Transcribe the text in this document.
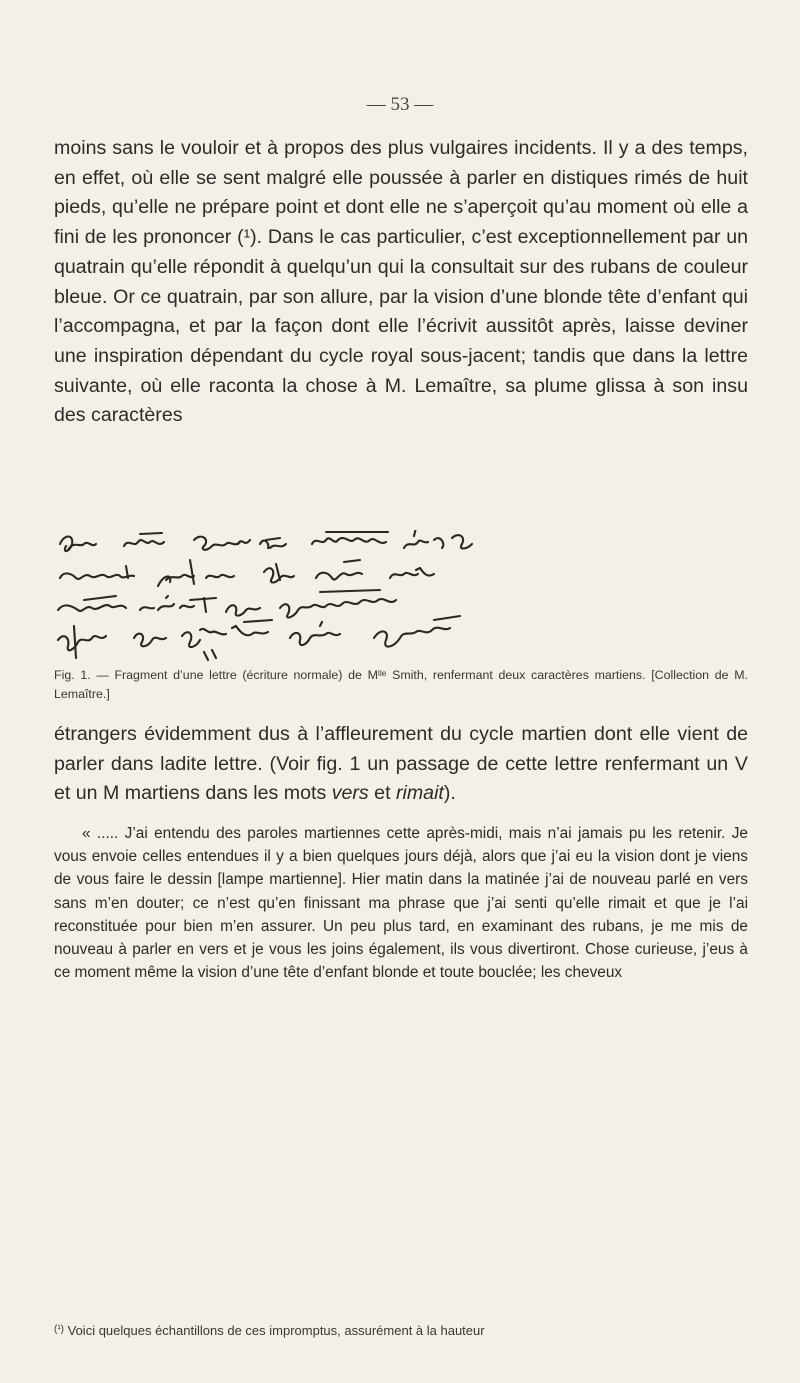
— 53 —

moins sans le vouloir et à propos des plus vulgaires incidents. Il y a des temps, en effet, où elle se sent malgré elle poussée à parler en distiques rimés de huit pieds, qu’elle ne prépare point et dont elle ne s’aperçoit qu’au moment où elle a fini de les prononcer (¹). Dans le cas particulier, c’est exceptionnellement par un quatrain qu’elle répondit à quelqu’un qui la consultait sur des rubans de couleur bleue. Or ce quatrain, par son allure, par la vision d’une blonde tête d’enfant qui l’accompagna, et par la façon dont elle l’écrivit aussitôt après, laisse deviner une inspiration dépendant du cycle royal sous-jacent; tandis que dans la lettre suivante, où elle raconta la chose à M. Lemaître, sa plume glissa à son insu des caractères

Fig. 1. — Fragment d’une lettre (écriture normale) de Mˡˡᵉ Smith, renfermant deux caractères martiens. [Collection de M. Lemaître.]

étrangers évidemment dus à l’affleurement du cycle martien dont elle vient de parler dans ladite lettre. (Voir fig. 1 un passage de cette lettre renfermant un V et un M martiens dans les mots vers et rimait).

« ..... J’ai entendu des paroles martiennes cette après-midi, mais n’ai jamais pu les retenir. Je vous envoie celles entendues il y a bien quelques jours déjà, alors que j’ai eu la vision dont je viens de vous faire le dessin [lampe martienne]. Hier matin dans la matinée j’ai de nouveau parlé en vers sans m’en douter; ce n’est qu’en finissant ma phrase que j’ai senti qu’elle rimait et que je l’ai reconstituée pour bien m’en assurer. Un peu plus tard, en examinant des rubans, je me mis de nouveau à parler en vers et je vous les joins également, ils vous divertiront. Chose curieuse, j’eus à ce moment même la vision d’une tête d’enfant blonde et toute bouclée; les cheveux
$^{(^1)}$ Voici quelques échantillons de ces impromptus, assurément à la hauteur
